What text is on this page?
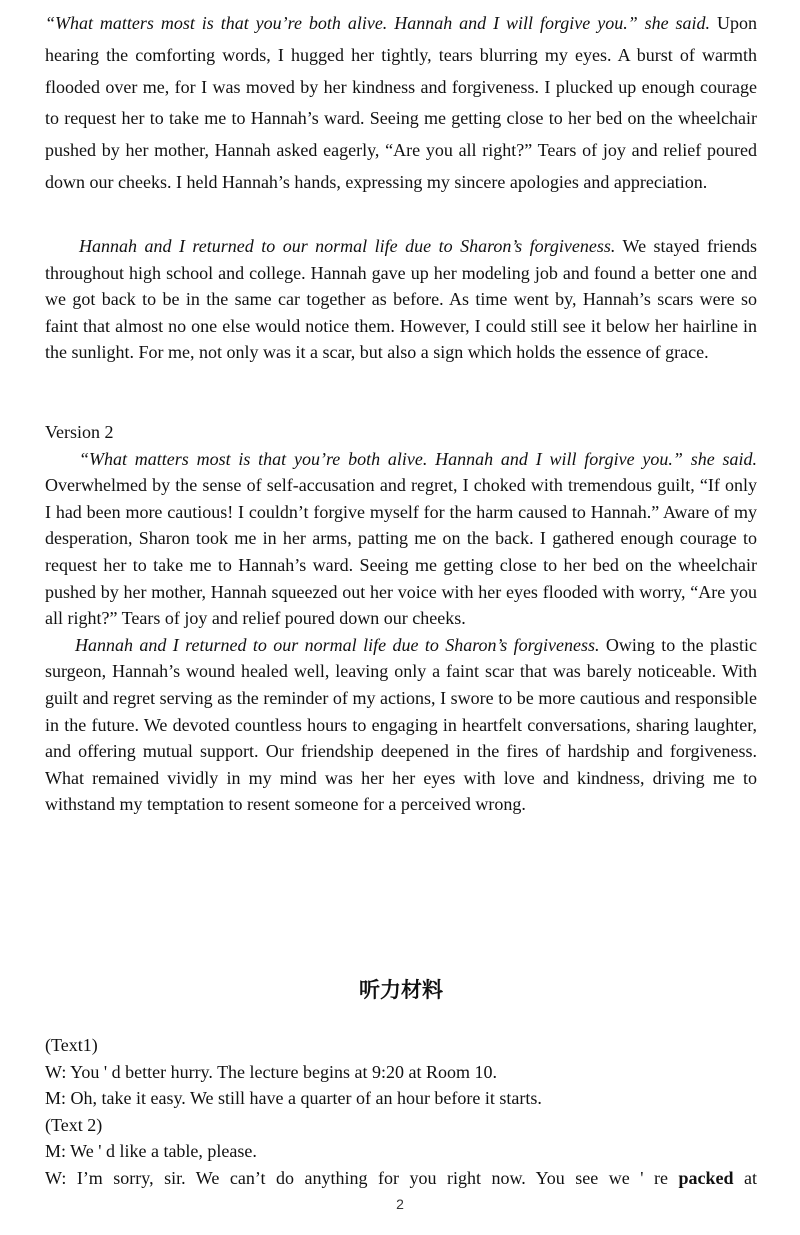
“What matters most is that you’re both alive. Hannah and I will forgive you.” she said. Upon hearing the comforting words, I hugged her tightly, tears blurring my eyes. A burst of warmth flooded over me, for I was moved by her kindness and forgiveness. I plucked up enough courage to request her to take me to Hannah’s ward. Seeing me getting close to her bed on the wheelchair pushed by her mother, Hannah asked eagerly, “Are you all right?” Tears of joy and relief poured down our cheeks. I held Hannah’s hands, expressing my sincere apologies and appreciation.

Hannah and I returned to our normal life due to Sharon’s forgiveness. We stayed friends throughout high school and college. Hannah gave up her modeling job and found a better one and we got back to be in the same car together as before. As time went by, Hannah’s scars were so faint that almost no one else would notice them. However, I could still see it below her hairline in the sunlight. For me, not only was it a scar, but also a sign which holds the essence of grace.

Version 2

“What matters most is that you’re both alive. Hannah and I will forgive you.” she said. Overwhelmed by the sense of self-accusation and regret, I choked with tremendous guilt, “If only I had been more cautious! I couldn’t forgive myself for the harm caused to Hannah.” Aware of my desperation, Sharon took me in her arms, patting me on the back. I gathered enough courage to request her to take me to Hannah’s ward. Seeing me getting close to her bed on the wheelchair pushed by her mother, Hannah squeezed out her voice with her eyes flooded with worry, “Are you all right?” Tears of joy and relief poured down our cheeks.

Hannah and I returned to our normal life due to Sharon’s forgiveness. Owing to the plastic surgeon, Hannah’s wound healed well, leaving only a faint scar that was barely noticeable. With guilt and regret serving as the reminder of my actions, I swore to be more cautious and responsible in the future. We devoted countless hours to engaging in heartfelt conversations, sharing laughter, and offering mutual support. Our friendship deepened in the fires of hardship and forgiveness. What remained vividly in my mind was her her eyes with love and kindness, driving me to withstand my temptation to resent someone for a perceived wrong.

听力材料

(Text1)

W: You ' d better hurry. The lecture begins at 9:20 at Room 10.

M: Oh, take it easy. We still have a quarter of an hour before it starts.

(Text 2)

M: We ' d like a table, please.

W: I’m sorry, sir. We can’t do anything for you right now. You see we ' re packed at

2
